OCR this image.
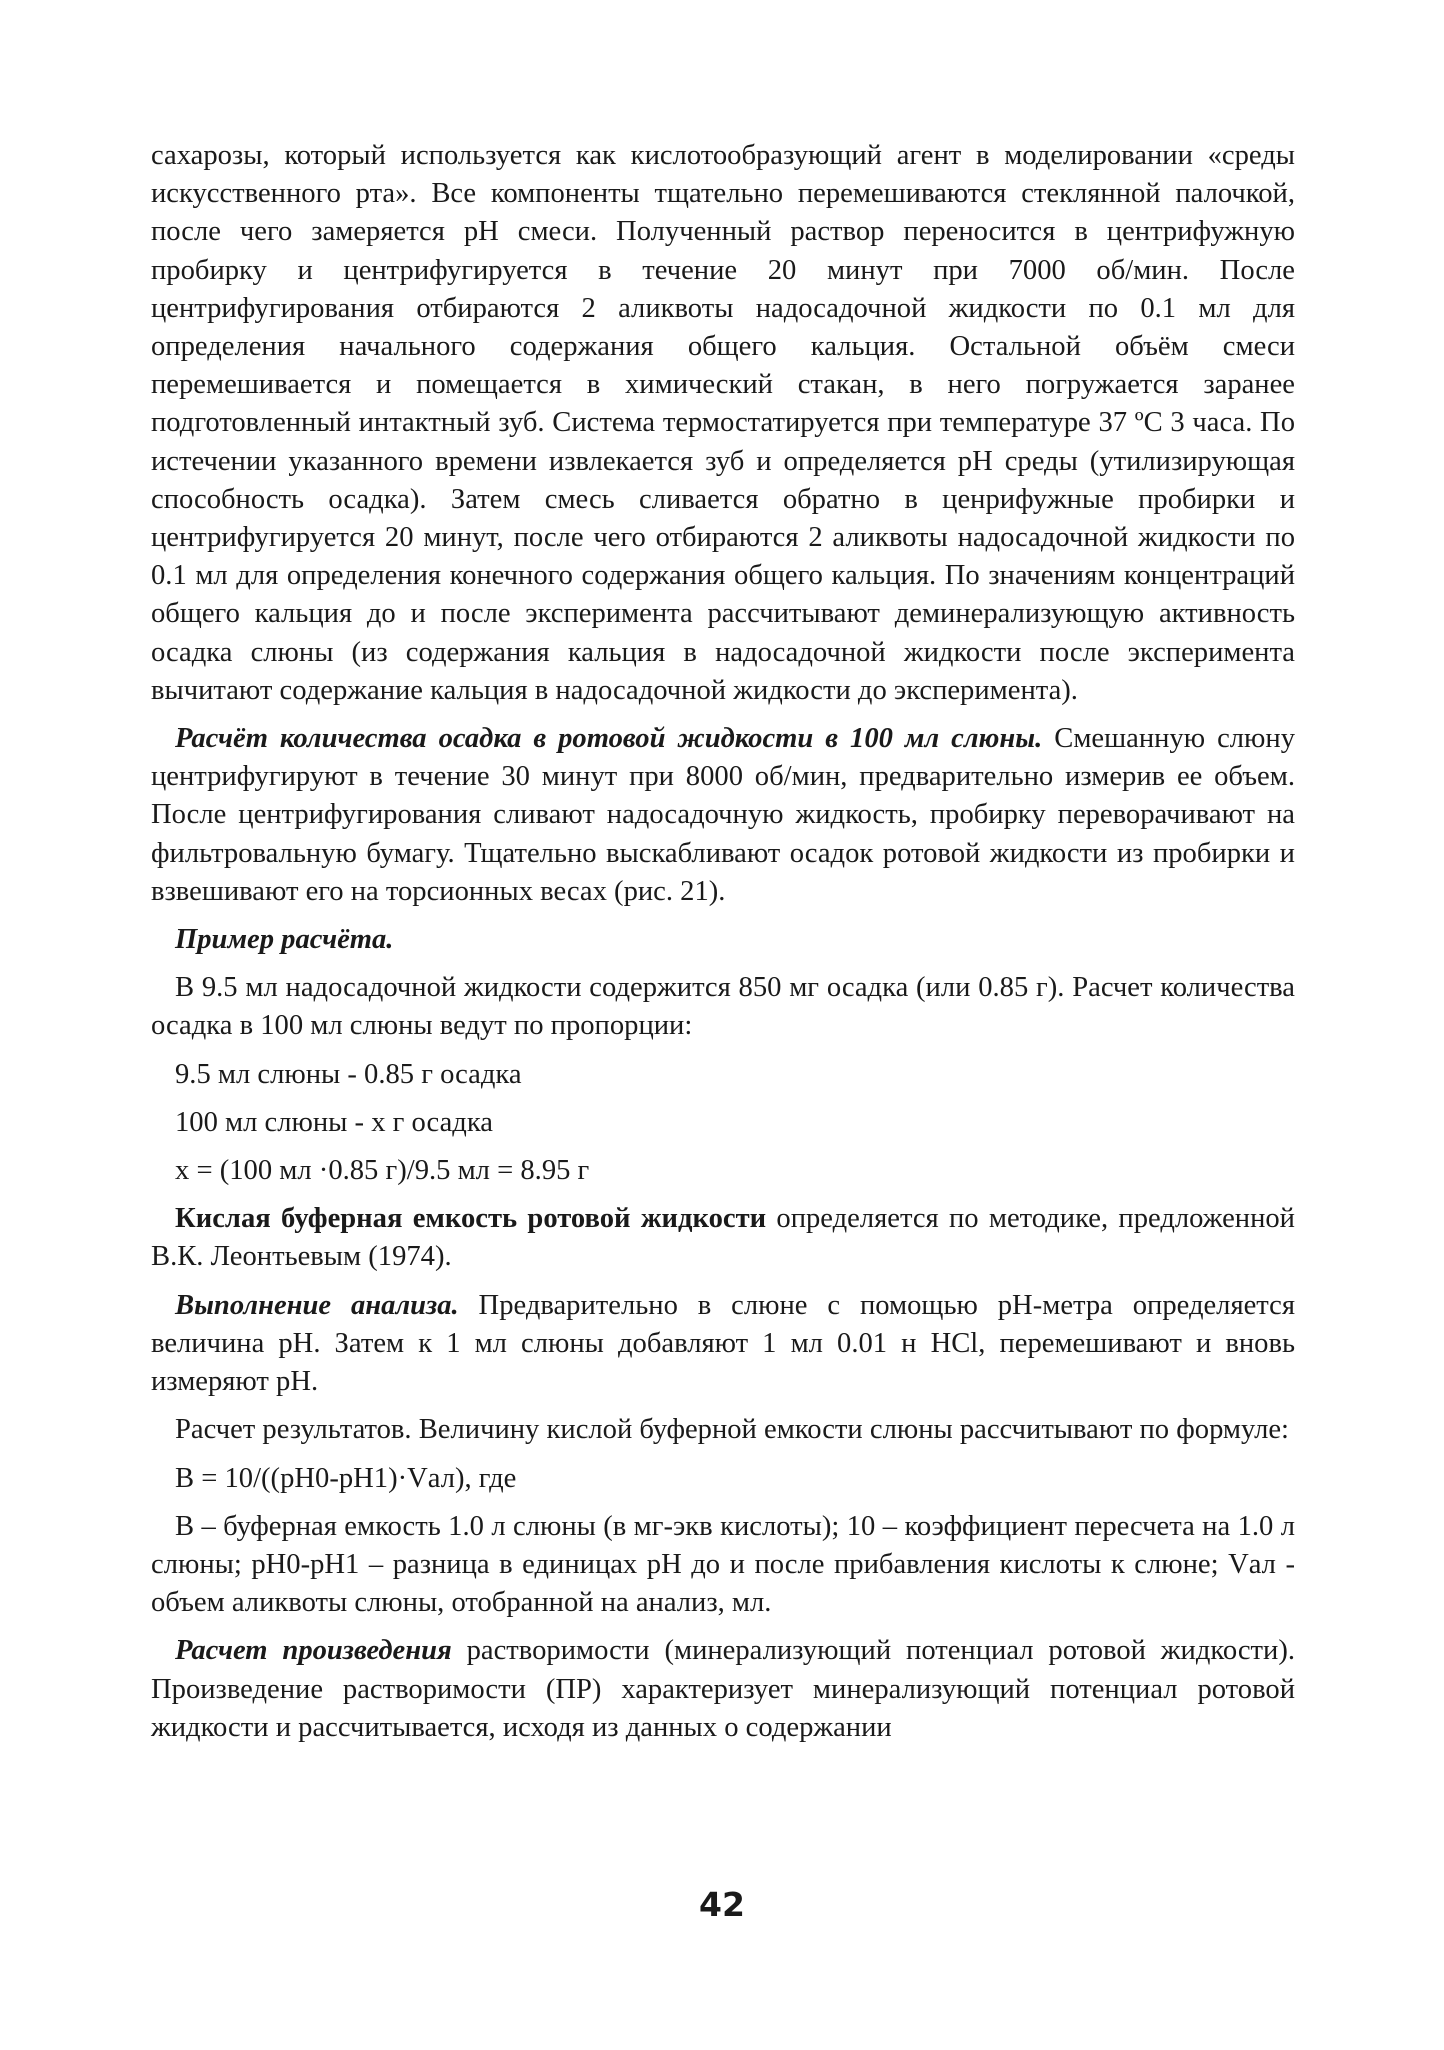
сахарозы, который используется как кислотообразующий агент в моделировании «среды искусственного рта». Все компоненты тщательно перемешиваются стеклянной палочкой, после чего замеряется pH смеси. Полученный раствор переносится в центрифужную пробирку и центрифугируется в течение 20 минут при 7000 об/мин. После центрифугирования отбираются 2 аликвоты надосадочной жидкости по 0.1 мл для определения начального содержания общего кальция. Остальной объём смеси перемешивается и помещается в химический стакан, в него погружается заранее подготовленный интактный зуб. Система термостатируется при температуре 37 ºС 3 часа. По истечении указанного времени извлекается зуб и определяется pH среды (утилизирующая способность осадка). Затем смесь сливается обратно в ценрифужные пробирки и центрифугируется 20 минут, после чего отбираются 2 аликвоты надосадочной жидкости по 0.1 мл для определения конечного содержания общего кальция. По значениям концентраций общего кальция до и после эксперимента рассчитывают деминерализующую активность осадка слюны (из содержания кальция в надосадочной жидкости после эксперимента вычитают содержание кальция в надосадочной жидкости до эксперимента).

Расчёт количества осадка в ротовой жидкости в 100 мл слюны. Смешанную слюну центрифугируют в течение 30 минут при 8000 об/мин, предварительно измерив ее объем. После центрифугирования сливают надосадочную жидкость, пробирку переворачивают на фильтровальную бумагу. Тщательно выскабливают осадок ротовой жидкости из пробирки и взвешивают его на торсионных весах (рис. 21).

Пример расчёта.

В 9.5 мл надосадочной жидкости содержится 850 мг осадка (или 0.85 г). Расчет количества осадка в 100 мл слюны ведут по пропорции:

9.5 мл слюны - 0.85 г осадка

100 мл слюны - х г осадка

х = (100 мл ·0.85 г)/9.5 мл = 8.95 г

Кислая буферная емкость ротовой жидкости определяется по методике, предложенной В.К. Леонтьевым (1974).

Выполнение анализа. Предварительно в слюне с помощью pH-метра определяется величина pH. Затем к 1 мл слюны добавляют 1 мл 0.01 н HCl, перемешивают и вновь измеряют pH.

Расчет результатов. Величину кислой буферной емкости слюны рассчитывают по формуле:

В = 10/((pH0-pH1)·Vал), где

В – буферная емкость 1.0 л слюны (в мг-экв кислоты); 10 – коэффициент пересчета на 1.0 л слюны; pH0-pH1 – разница в единицах pH до и после прибавления кислоты к слюне; Vал - объем аликвоты слюны, отобранной на анализ, мл.

Расчет произведения растворимости (минерализующий потенциал ротовой жидкости). Произведение растворимости (ПР) характеризует минерализующий потенциал ротовой жидкости и рассчитывается, исходя из данных о содержании

42
